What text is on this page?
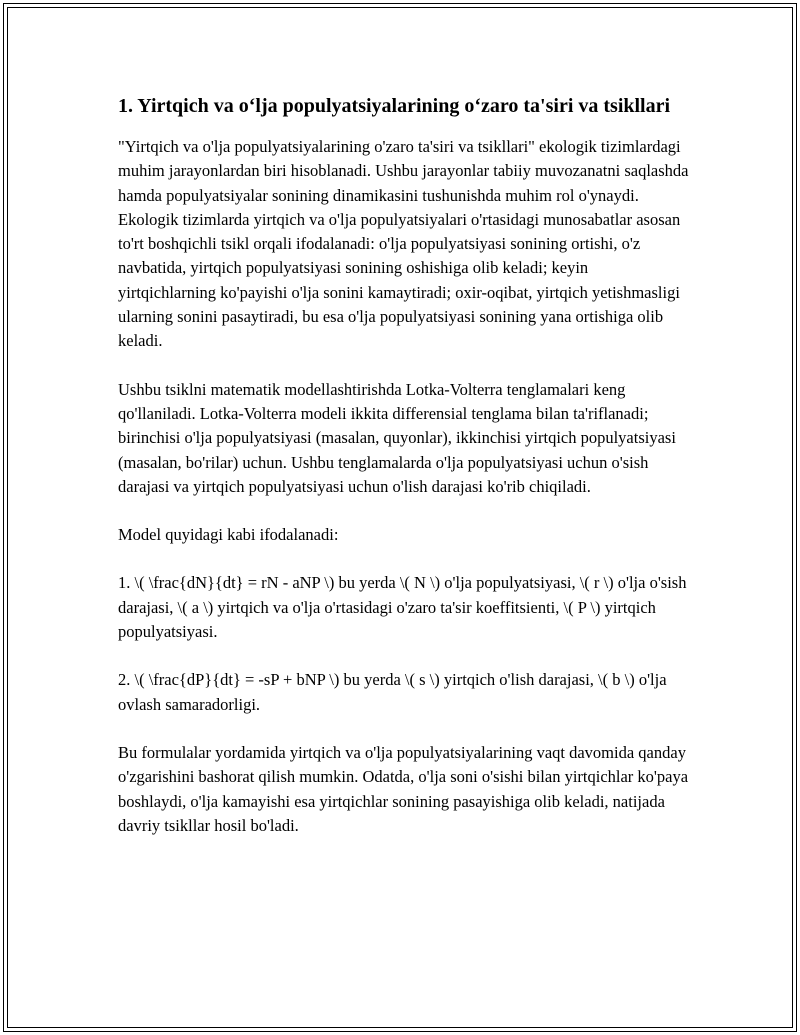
1. Yirtqich va o‘lja populyatsiyalarining o‘zaro ta'siri va tsikllari

"Yirtqich va o'lja populyatsiyalarining o'zaro ta'siri va tsikllari" ekologik tizimlardagi muhim jarayonlardan biri hisoblanadi. Ushbu jarayonlar tabiiy muvozanatni saqlashda hamda populyatsiyalar sonining dinamikasini tushunishda muhim rol o'ynaydi. Ekologik tizimlarda yirtqich va o'lja populyatsiyalari o'rtasidagi munosabatlar asosan to'rt boshqichli tsikl orqali ifodalanadi: o'lja populyatsiyasi sonining ortishi, o'z navbatida, yirtqich populyatsiyasi sonining oshishiga olib keladi; keyin yirtqichlarning ko'payishi o'lja sonini kamaytiradi; oxir-oqibat, yirtqich yetishmasligi ularning sonini pasaytiradi, bu esa o'lja populyatsiyasi sonining yana ortishiga olib keladi.

Ushbu tsiklni matematik modellashtirishda Lotka-Volterra tenglamalari keng qo'llaniladi. Lotka-Volterra modeli ikkita differensial tenglama bilan ta'riflanadi; birinchisi o'lja populyatsiyasi (masalan, quyonlar), ikkinchisi yirtqich populyatsiyasi (masalan, bo'rilar) uchun. Ushbu tenglamalarda o'lja populyatsiyasi uchun o'sish darajasi va yirtqich populyatsiyasi uchun o'lish darajasi ko'rib chiqiladi.

Model quyidagi kabi ifodalanadi:

1. \( \frac{dN}{dt} = rN - aNP \) bu yerda \( N \) o'lja populyatsiyasi, \( r \) o'lja o'sish darajasi, \( a \) yirtqich va o'lja o'rtasidagi o'zaro ta'sir koeffitsienti, \( P \) yirtqich populyatsiyasi.

2. \( \frac{dP}{dt} = -sP + bNP \) bu yerda \( s \) yirtqich o'lish darajasi, \( b \) o'lja ovlash samaradorligi.

Bu formulalar yordamida yirtqich va o'lja populyatsiyalarining vaqt davomida qanday o'zgarishini bashorat qilish mumkin. Odatda, o'lja soni o'sishi bilan yirtqichlar ko'paya boshlaydi, o'lja kamayishi esa yirtqichlar sonining pasayishiga olib keladi, natijada davriy tsikllar hosil bo'ladi.
